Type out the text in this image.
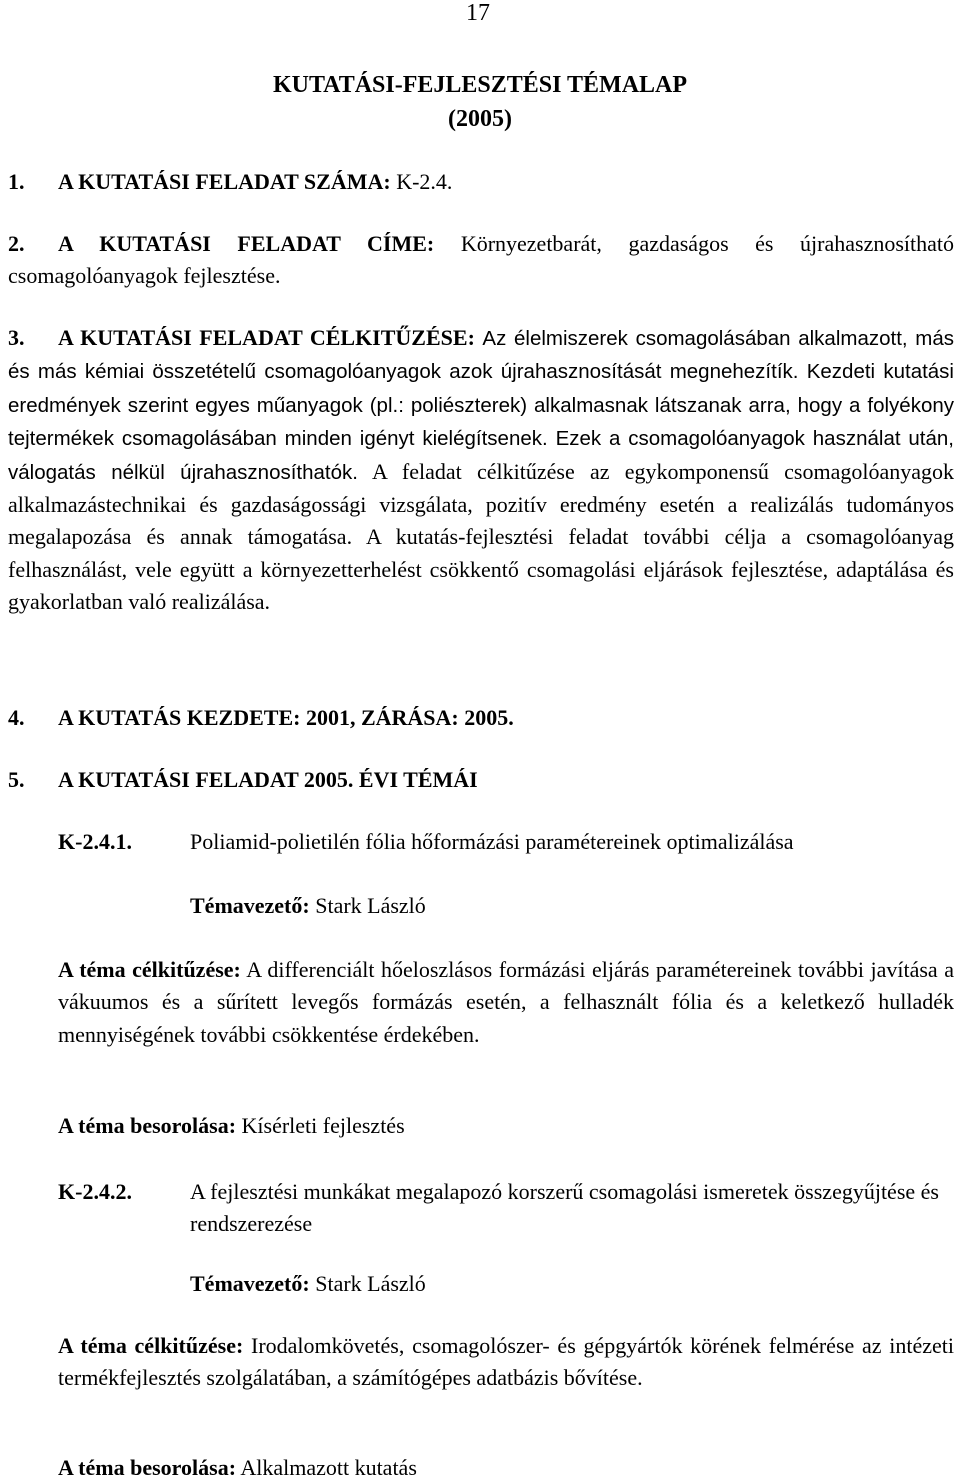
17
KUTATÁSI-FEJLESZTÉSI TÉMALAP
(2005)
1. A KUTATÁSI FELADAT SZÁMA: K-2.4.
2. A KUTATÁSI FELADAT CÍME: Környezetbarát, gazdaságos és újrahasznosítható csomagolóanyagok fejlesztése.
3. A KUTATÁSI FELADAT CÉLKITŰZÉSE: Az élelmiszerek csomagolásában alkalmazott, más és más kémiai összetételű csomagolóanyagok azok újrahasznosítását megnehezítík. Kezdeti kutatási eredmények szerint egyes műanyagok (pl.: poliészterek) alkalmasnak látszanak arra, hogy a folyékony tejtermékek csomagolásában minden igényt kielégítsenek. Ezek a csomagolóanyagok használat után, válogatás nélkül újrahasznosíthatók. A feladat célkitűzése az egykomponensű csomagolóanyagok alkalmazástechnikai és gazdaságossági vizsgálata, pozitív eredmény esetén a realizálás tudományos megalapozása és annak támogatása. A kutatás-fejlesztési feladat további célja a csomagolóanyag felhasználást, vele együtt a környezetterhelést csökkentő csomagolási eljárások fejlesztése, adaptálása és gyakorlatban való realizálása.
4. A KUTATÁS KEZDETE: 2001, ZÁRÁSA: 2005.
5. A KUTATÁSI FELADAT 2005. ÉVI TÉMÁI
K-2.4.1.	Poliamid-polietilén fólia hőformázási paramétereinek optimalizálása
Témavezető: Stark László
A téma célkitűzése: A differenciált hőeloszlásos formázási eljárás paramétereinek további javítása a vákuumos és a sűrített levegős formázás esetén, a felhasznált fólia és a keletkező hulladék mennyiségének további csökkentése érdekében.
A téma besorolása: Kísérleti fejlesztés
K-2.4.2.	A fejlesztési munkákat megalapozó korszerű csomagolási ismeretek összegyűjtése és rendszerezése
Témavezető: Stark László
A téma célkitűzése: Irodalomkövetés, csomagolószer- és gépgyártók körének felmérése az intézeti termékfejlesztés szolgálatában, a számítógépes adatbázis bővítése.
A téma besorolása: Alkalmazott kutatás
